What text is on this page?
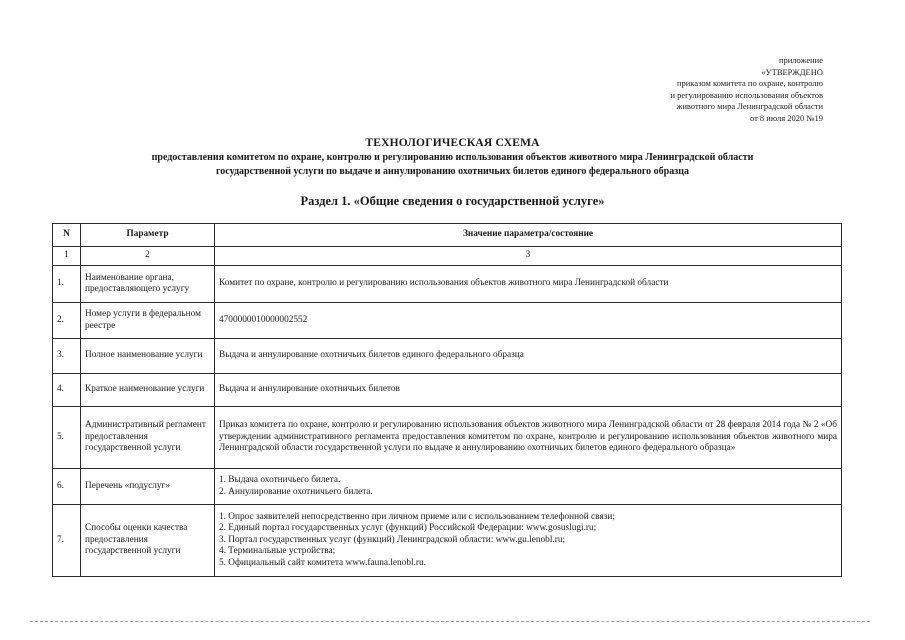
приложение
«УТВЕРЖДЕНО
приказом комитета по охране, контролю
и регулированию использования объектов
животного мира Ленинградской области
от 8 июля 2020 №19
ТЕХНОЛОГИЧЕСКАЯ СХЕМА
предоставления комитетом по охране, контролю и регулированию использования объектов животного мира Ленинградской области
государственной услуги по выдаче и аннулированию охотничьих билетов единого федерального образца
Раздел 1. «Общие сведения о государственной услуге»
N	Параметр	Значение параметра/состояние
1	2	3
1.	Наименование органа, предоставляющего услугу	Комитет по охране, контролю и регулированию использования объектов животного мира Ленинградской области

2.	Номер услуги в федеральном реестре	4700000010000002552

3.	Полное наименование услуги	Выдача и аннулирование охотничьих билетов единого федерального образца

4.	Краткое наименование услуги	Выдача и аннулирование охотничьих билетов

5.	Административный регламент предоставления государственной услуги	Приказ комитета по охране, контролю и регулированию использования объектов животного мира Ленинградской области от 28 февраля 2014 года № 2 «Об утверждении административного регламента предоставления комитетом по охране, контролю и регулированию использования объектов животного мира Ленинградской области государственной услуги по выдаче и аннулированию охотничьих билетов единого федерального образца»

6.	Перечень «подуслуг»	1. Выдача охотничьего билета.
2. Аннулирование охотничьего билета.

7.	Способы оценки качества предоставления государственной услуги	1. Опрос заявителей непосредственно при личном приеме или с использованием телефонной связи;
2. Единый портал государственных услуг (функций) Российской Федерации: www.gosuslugi.ru;
3. Портал государственных услуг (функций) Ленинградской области: www.gu.lenobl.ru;
4. Терминальные устройства;
5. Официальный сайт комитета www.fauna.lenobl.ru.
